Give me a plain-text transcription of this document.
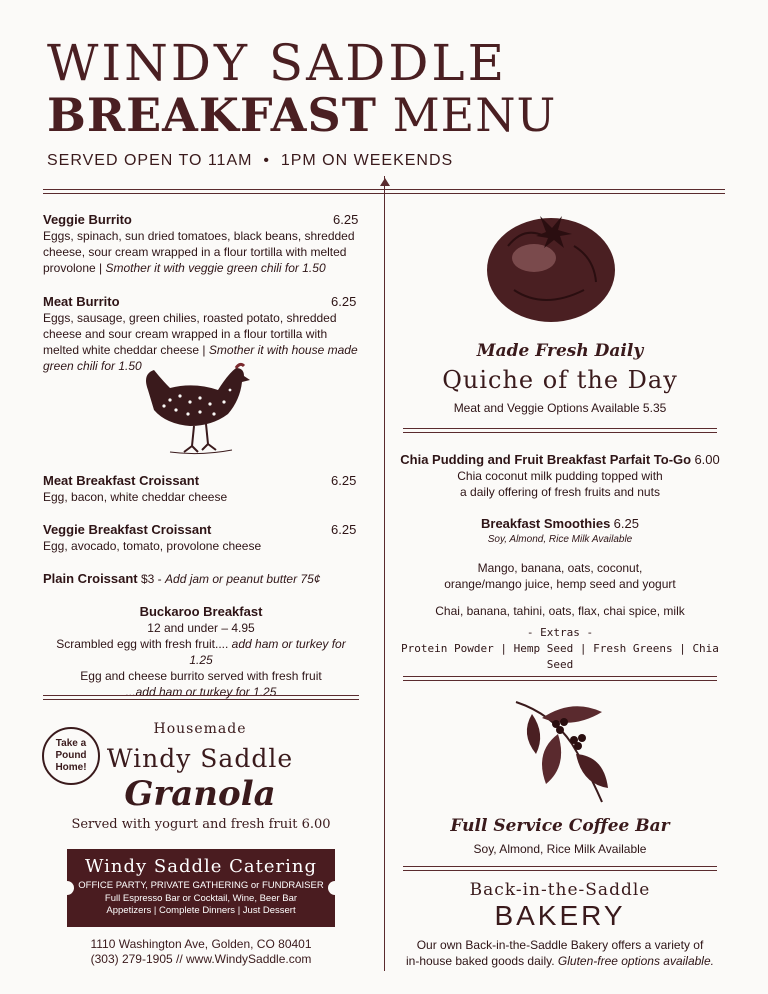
WINDY SADDLE
BREAKFAST MENU
SERVED OPEN TO 11AM • 1PM ON WEEKENDS
Veggie Burrito	6.25
Eggs, spinach, sun dried tomatoes, black beans, shredded cheese, sour cream wrapped in a flour tortilla with melted provolone | Smother it with veggie green chili for 1.50
Meat Burrito	6.25
Eggs, sausage, green chilies, roasted potato, shredded cheese and sour cream wrapped in a flour tortilla with melted white cheddar cheese | Smother it with house made green chili for 1.50
Meat Breakfast Croissant	6.25
Egg, bacon, white cheddar cheese
Veggie Breakfast Croissant	6.25
Egg, avocado, tomato, provolone cheese
Plain Croissant $3 - Add jam or peanut butter 75¢
Buckaroo Breakfast
12 and under – 4.95
Scrambled egg with fresh fruit.... add ham or turkey for 1.25
Egg and cheese burrito served with fresh fruit
...add ham or turkey for 1.25
Take a Pound Home!
Housemade
Windy Saddle
Granola
Served with yogurt and fresh fruit 6.00
Windy Saddle Catering
OFFICE PARTY, PRIVATE GATHERING or FUNDRAISER
Full Espresso Bar or Cocktail, Wine, Beer Bar
Appetizers | Complete Dinners | Just Dessert
1110 Washington Ave, Golden, CO 80401
(303) 279-1905 // www.WindySaddle.com
Made Fresh Daily
Quiche of the Day
Meat and Veggie Options Available 5.35
Chia Pudding and Fruit Breakfast Parfait To-Go 6.00
Chia coconut milk pudding topped with
a daily offering of fresh fruits and nuts
Breakfast Smoothies 6.25
Soy, Almond, Rice Milk Available
Mango, banana, oats, coconut,
orange/mango juice, hemp seed and yogurt
Chai, banana, tahini, oats, flax, chai spice, milk
- Extras -
Protein Powder | Hemp Seed | Fresh Greens | Chia Seed
Full Service Coffee Bar
Soy, Almond, Rice Milk Available
Back-in-the-Saddle
BAKERY
Our own Back-in-the-Saddle Bakery offers a variety of
in-house baked goods daily. Gluten-free options available.
